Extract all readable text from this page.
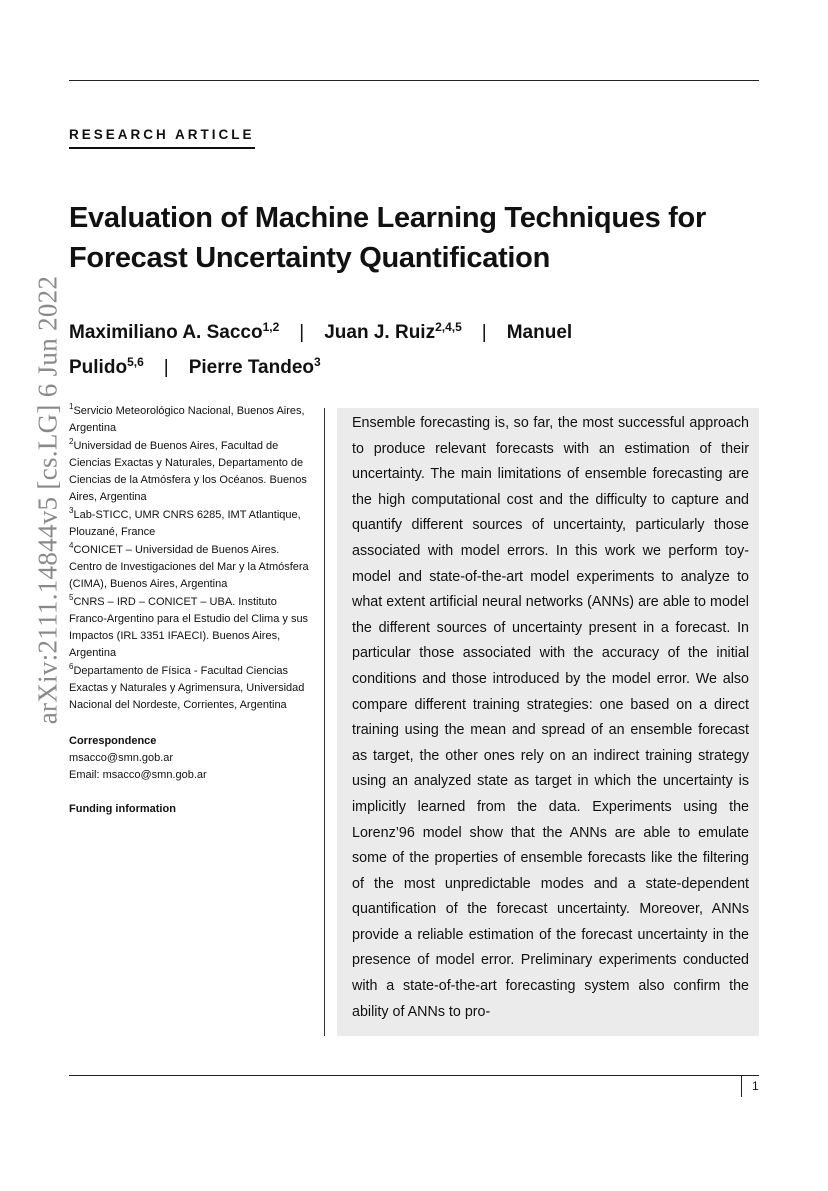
RESEARCH ARTICLE
Evaluation of Machine Learning Techniques for Forecast Uncertainty Quantification
Maximiliano A. Sacco$^{1,2}$ | Juan J. Ruiz$^{2,4,5}$ | Manuel Pulido$^{5,6}$ | Pierre Tandeo$^3$
arXiv:2111.14844v5 [cs.LG] 6 Jun 2022 $^1$Servicio Meteorológico Nacional, Buenos Aires, Argentina
$^2$Universidad de Buenos Aires, Facultad de Ciencias Exactas y Naturales, Departamento de Ciencias de la Atmósfera y los Océanos. Buenos Aires, Argentina
$^3$Lab-STICC, UMR CNRS 6285, IMT Atlantique, Plouzané, France
$^4$CONICET – Universidad de Buenos Aires. Centro de Investigaciones del Mar y la Atmósfera (CIMA), Buenos Aires, Argentina
$^5$CNRS – IRD – CONICET – UBA. Instituto Franco-Argentino para el Estudio del Clima y sus Impactos (IRL 3351 IFAECI). Buenos Aires, Argentina
$^6$Departamento de Física - Facultad Ciencias Exactas y Naturales y Agrimensura, Universidad Nacional del Nordeste, Corrientes, Argentina
Correspondence
msacco@smn.gob.ar
Email: msacco@smn.gob.ar
Funding information

Ensemble forecasting is, so far, the most successful approach to produce relevant forecasts with an estimation of their uncertainty. The main limitations of ensemble forecasting are the high computational cost and the difficulty to capture and quantify different sources of uncertainty, particularly those associated with model errors. In this work we perform toy-model and state-of-the-art model experiments to analyze to what extent artificial neural networks (ANNs) are able to model the different sources of uncertainty present in a forecast. In particular those associated with the accuracy of the initial conditions and those introduced by the model error. We also compare different training strategies: one based on a direct training using the mean and spread of an ensemble forecast as target, the other ones rely on an indirect training strategy using an analyzed state as target in which the uncertainty is implicitly learned from the data. Experiments using the Lorenz’96 model show that the ANNs are able to emulate some of the properties of ensemble forecasts like the filtering of the most unpredictable modes and a state-dependent quantification of the forecast uncertainty. Moreover, ANNs provide a reliable estimation of the forecast uncertainty in the presence of model error. Preliminary experiments conducted with a state-of-the-art forecasting system also confirm the ability of ANNs to pro-

1
